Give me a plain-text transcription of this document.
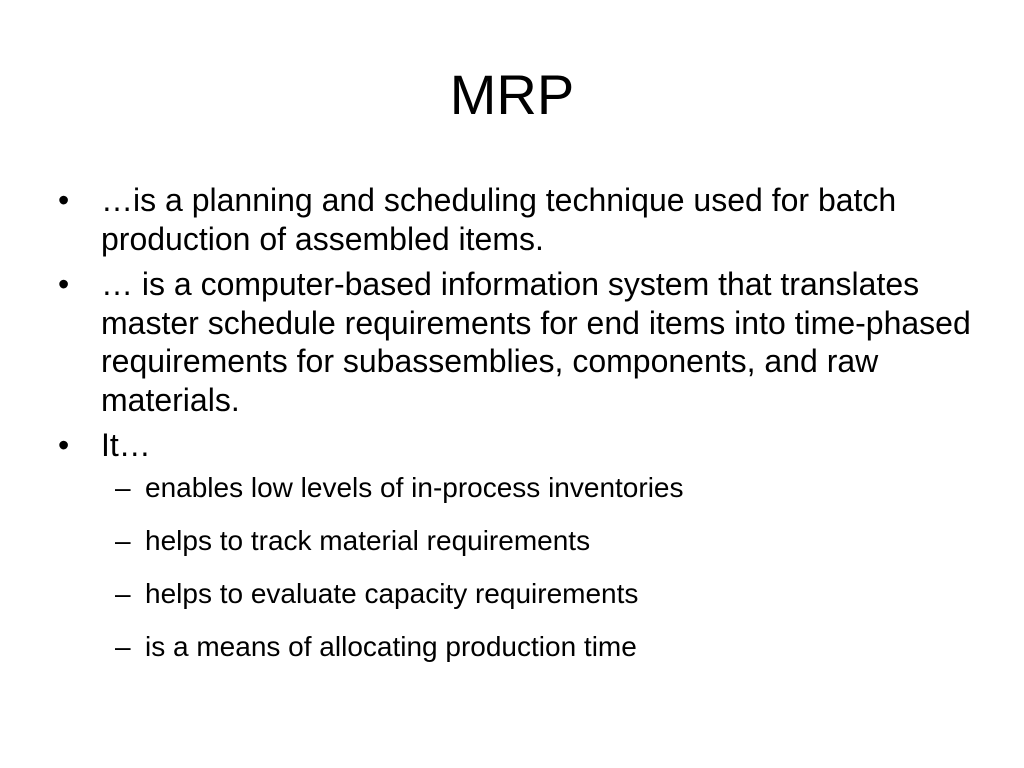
MRP
• …is a planning and scheduling technique used for batch production of assembled items.
• … is a computer-based information system that translates master schedule requirements for end items into time-phased requirements for subassemblies, components, and raw materials.
• It…
– enables low levels of in-process inventories
– helps to track material requirements
– helps to evaluate capacity requirements
– is a means of allocating production time
